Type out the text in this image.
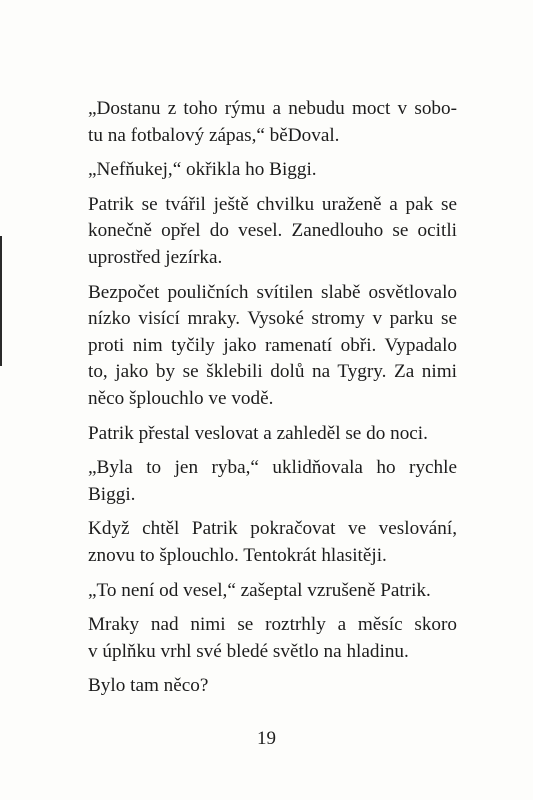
„Dostanu z toho rýmu a nebudu moct v sobo-
tu na fotbalový zápas,“ běDoval.

„Nefňukej,“ okřikla ho Biggi.

Patrik se tvářil ještě chvilku uraženě a pak se
konečně opřel do vesel. Zanedlouho se ocitli
uprostřed jezírka.

Bezpočet pouličních svítilen slabě osvětlovalo
nízko visící mraky. Vysoké stromy v parku se
proti nim tyčily jako ramenatí obři. Vypadalo
to, jako by se šklebili dolů na Tygry. Za nimi
něco šplouchlo ve vodě.

Patrik přestal veslovat a zahleděl se do noci.

„Byla to jen ryba,“ uklidňovala ho rychle
Biggi.

Když chtěl Patrik pokračovat ve veslování,
znovu to šplouchlo. Tentokrát hlasitěji.

„To není od vesel,“ zašeptal vzrušeně Patrik.

Mraky nad nimi se roztrhly a měsíc skoro
v úplňku vrhl své bledé světlo na hladinu.

Bylo tam něco?

19
